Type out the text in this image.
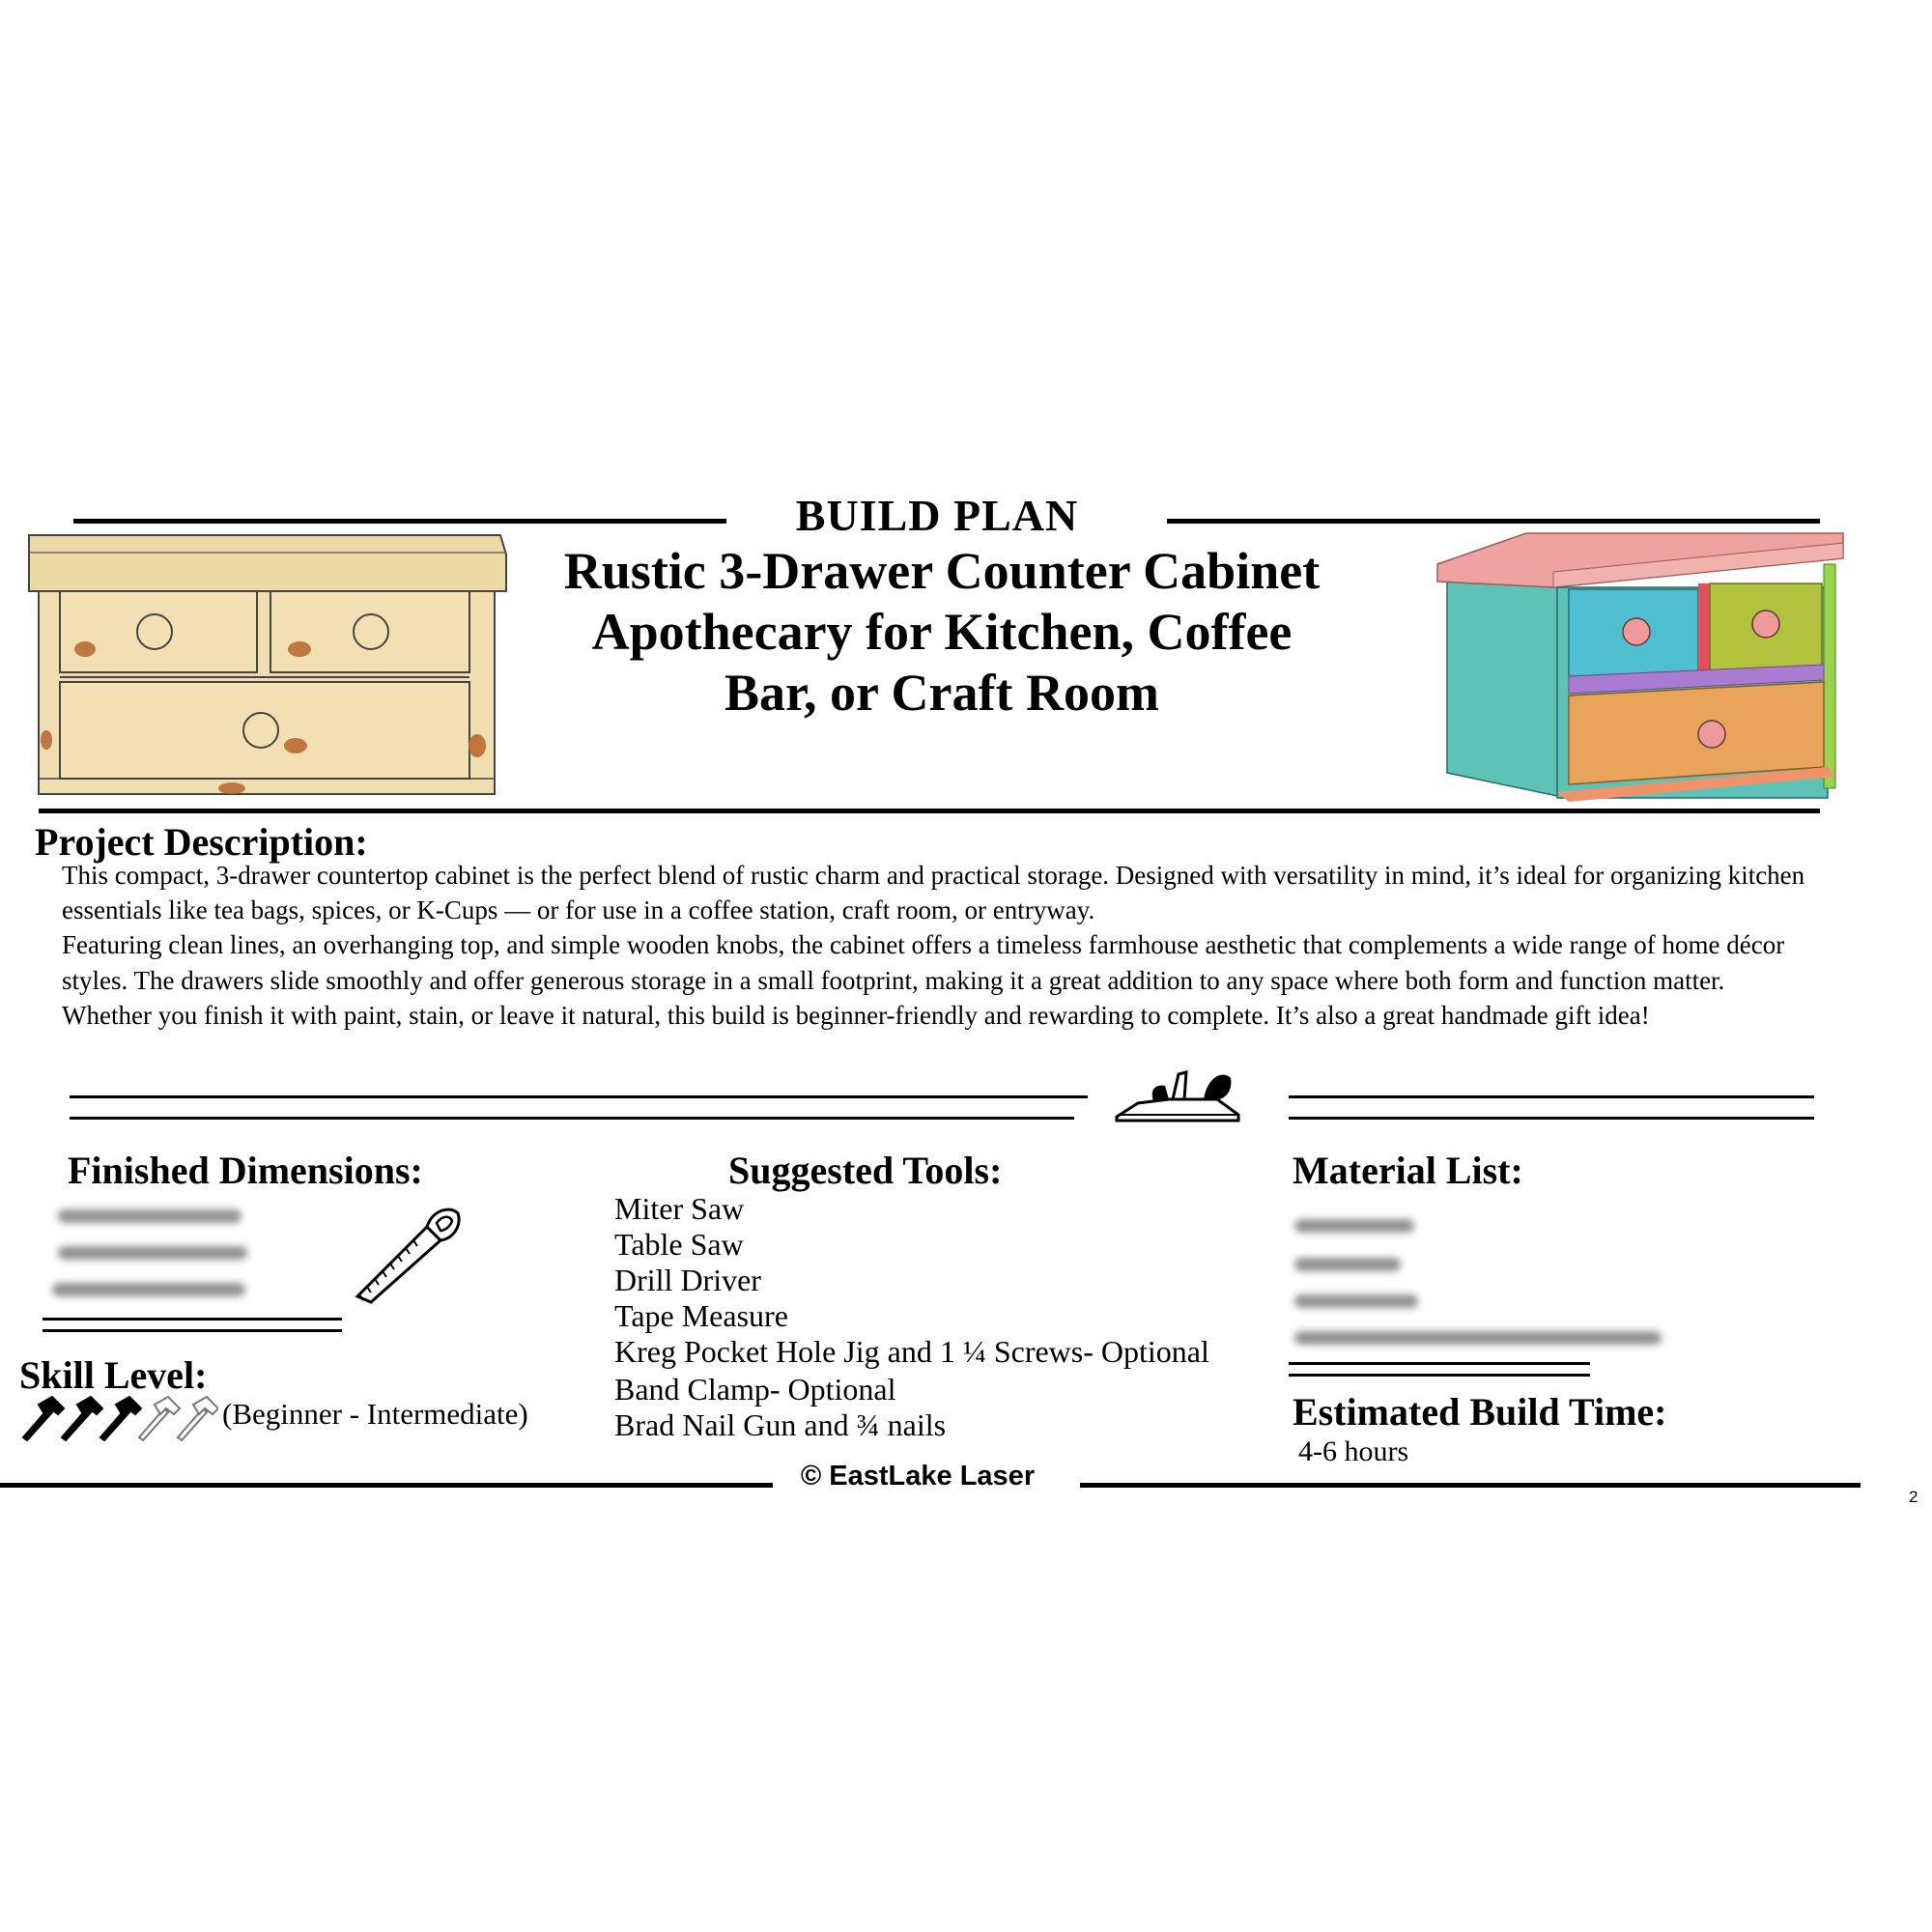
BUILD PLAN
Rustic 3-Drawer Counter Cabinet Apothecary for Kitchen, Coffee Bar, or Craft Room
Project Description:

This compact, 3-drawer countertop cabinet is the perfect blend of rustic charm and practical storage. Designed with versatility in mind, it’s ideal for organizing kitchen essentials like tea bags, spices, or K-Cups — or for use in a coffee station, craft room, or entryway.

Featuring clean lines, an overhanging top, and simple wooden knobs, the cabinet offers a timeless farmhouse aesthetic that complements a wide range of home décor styles. The drawers slide smoothly and offer generous storage in a small footprint, making it a great addition to any space where both form and function matter.

Whether you finish it with paint, stain, or leave it natural, this build is beginner-friendly and rewarding to complete. It’s also a great handmade gift idea!

Finished Dimensions:
Skill Level:
(Beginner - Intermediate)
Suggested Tools:
Miter Saw
Table Saw
Drill Driver
Tape Measure
Kreg Pocket Hole Jig and 1 ¼ Screws- Optional
Band Clamp- Optional
Brad Nail Gun and ¾ nails
Material List:
Estimated Build Time:
4-6 hours
© EastLake Laser
2
